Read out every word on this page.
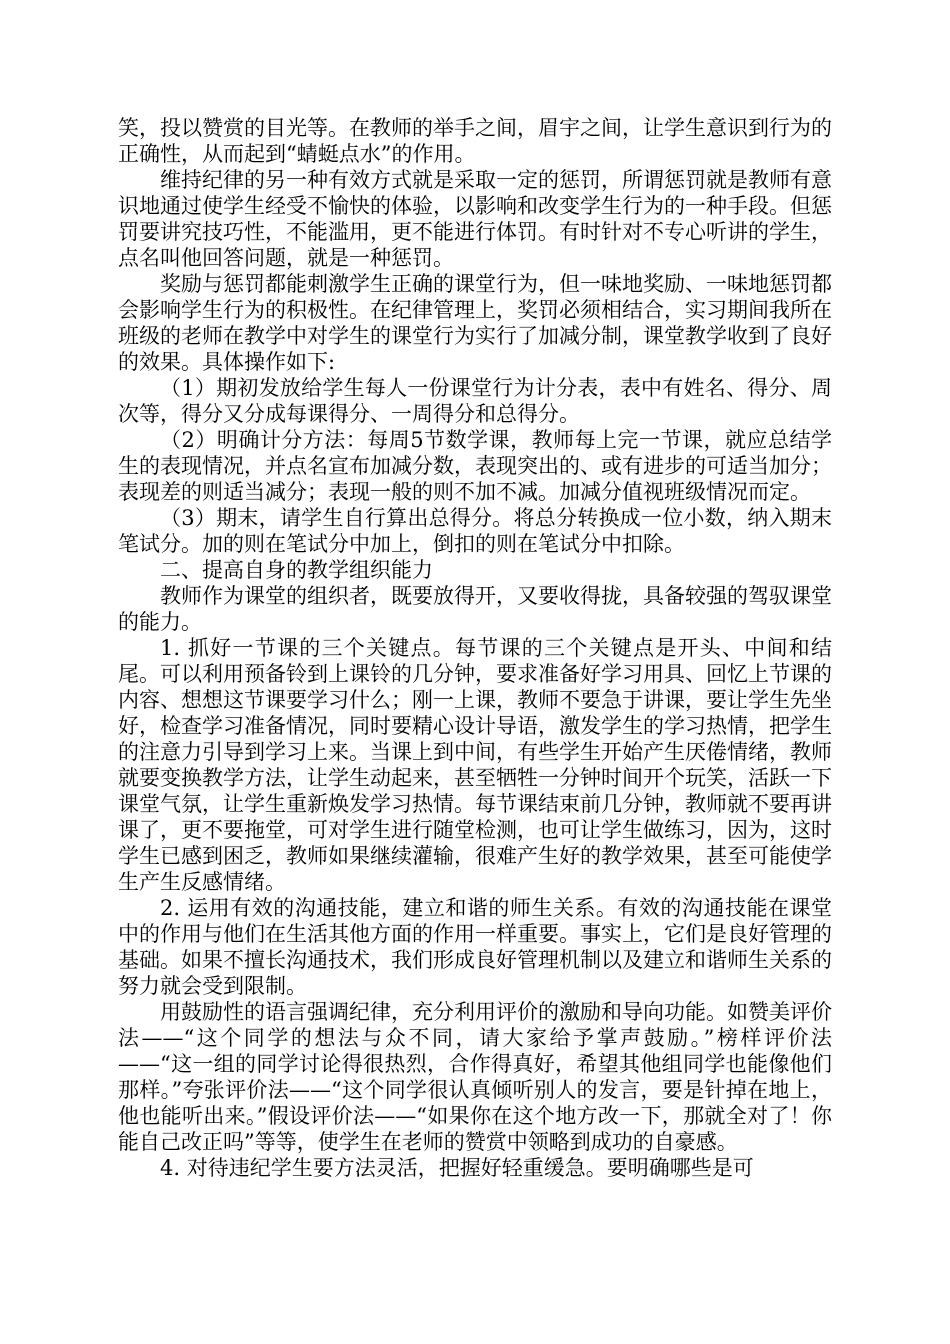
笑，投以赞赏的目光等。在教师的举手之间，眉宇之间，让学生意识到行为的正确性，从而起到“蜻蜓点水”的作用。

维持纪律的另一种有效方式就是采取一定的惩罚，所谓惩罚就是教师有意识地通过使学生经受不愉快的体验，以影响和改变学生行为的一种手段。但惩罚要讲究技巧性，不能滥用，更不能进行体罚。有时针对不专心听讲的学生，点名叫他回答问题，就是一种惩罚。

奖励与惩罚都能刺激学生正确的课堂行为，但一味地奖励、一味地惩罚都会影响学生行为的积极性。在纪律管理上，奖罚必须相结合，实习期间我所在班级的老师在教学中对学生的课堂行为实行了加减分制，课堂教学收到了良好的效果。具体操作如下:

（1）期初发放给学生每人一份课堂行为计分表，表中有姓名、得分、周次等，得分又分成每课得分、一周得分和总得分。

（2）明确计分方法：每周5节数学课，教师每上完一节课，就应总结学生的表现情况，并点名宣布加减分数，表现突出的、或有进步的可适当加分；表现差的则适当减分；表现一般的则不加不减。加减分值视班级情况而定。

（3）期末，请学生自行算出总得分。将总分转换成一位小数，纳入期末笔试分。加的则在笔试分中加上，倒扣的则在笔试分中扣除。

二、提高自身的教学组织能力

教师作为课堂的组织者，既要放得开，又要收得拢，具备较强的驾驭课堂的能力。

1. 抓好一节课的三个关键点。每节课的三个关键点是开头、中间和结尾。可以利用预备铃到上课铃的几分钟，要求准备好学习用具、回忆上节课的内容、想想这节课要学习什么；刚一上课，教师不要急于讲课，要让学生先坐好，检查学习准备情况，同时要精心设计导语，激发学生的学习热情，把学生的注意力引导到学习上来。当课上到中间，有些学生开始产生厌倦情绪，教师就要变换教学方法，让学生动起来，甚至牺牲一分钟时间开个玩笑，活跃一下课堂气氛，让学生重新焕发学习热情。每节课结束前几分钟，教师就不要再讲课了，更不要拖堂，可对学生进行随堂检测，也可让学生做练习，因为，这时学生已感到困乏，教师如果继续灌输，很难产生好的教学效果，甚至可能使学生产生反感情绪。

2. 运用有效的沟通技能，建立和谐的师生关系。有效的沟通技能在课堂中的作用与他们在生活其他方面的作用一样重要。事实上，它们是良好管理的基础。如果不擅长沟通技术，我们形成良好管理机制以及建立和谐师生关系的努力就会受到限制。

用鼓励性的语言强调纪律，充分利用评价的激励和导向功能。如赞美评价法——“这个同学的想法与众不同，请大家给予掌声鼓励。”榜样评价法——“这一组的同学讨论得很热烈，合作得真好，希望其他组同学也能像他们那样。”夸张评价法——“这个同学很认真倾听别人的发言，要是针掉在地上，他也能听出来。”假设评价法——“如果你在这个地方改一下，那就全对了！你能自己改正吗”等等，使学生在老师的赞赏中领略到成功的自豪感。

4. 对待违纪学生要方法灵活，把握好轻重缓急。要明确哪些是可
